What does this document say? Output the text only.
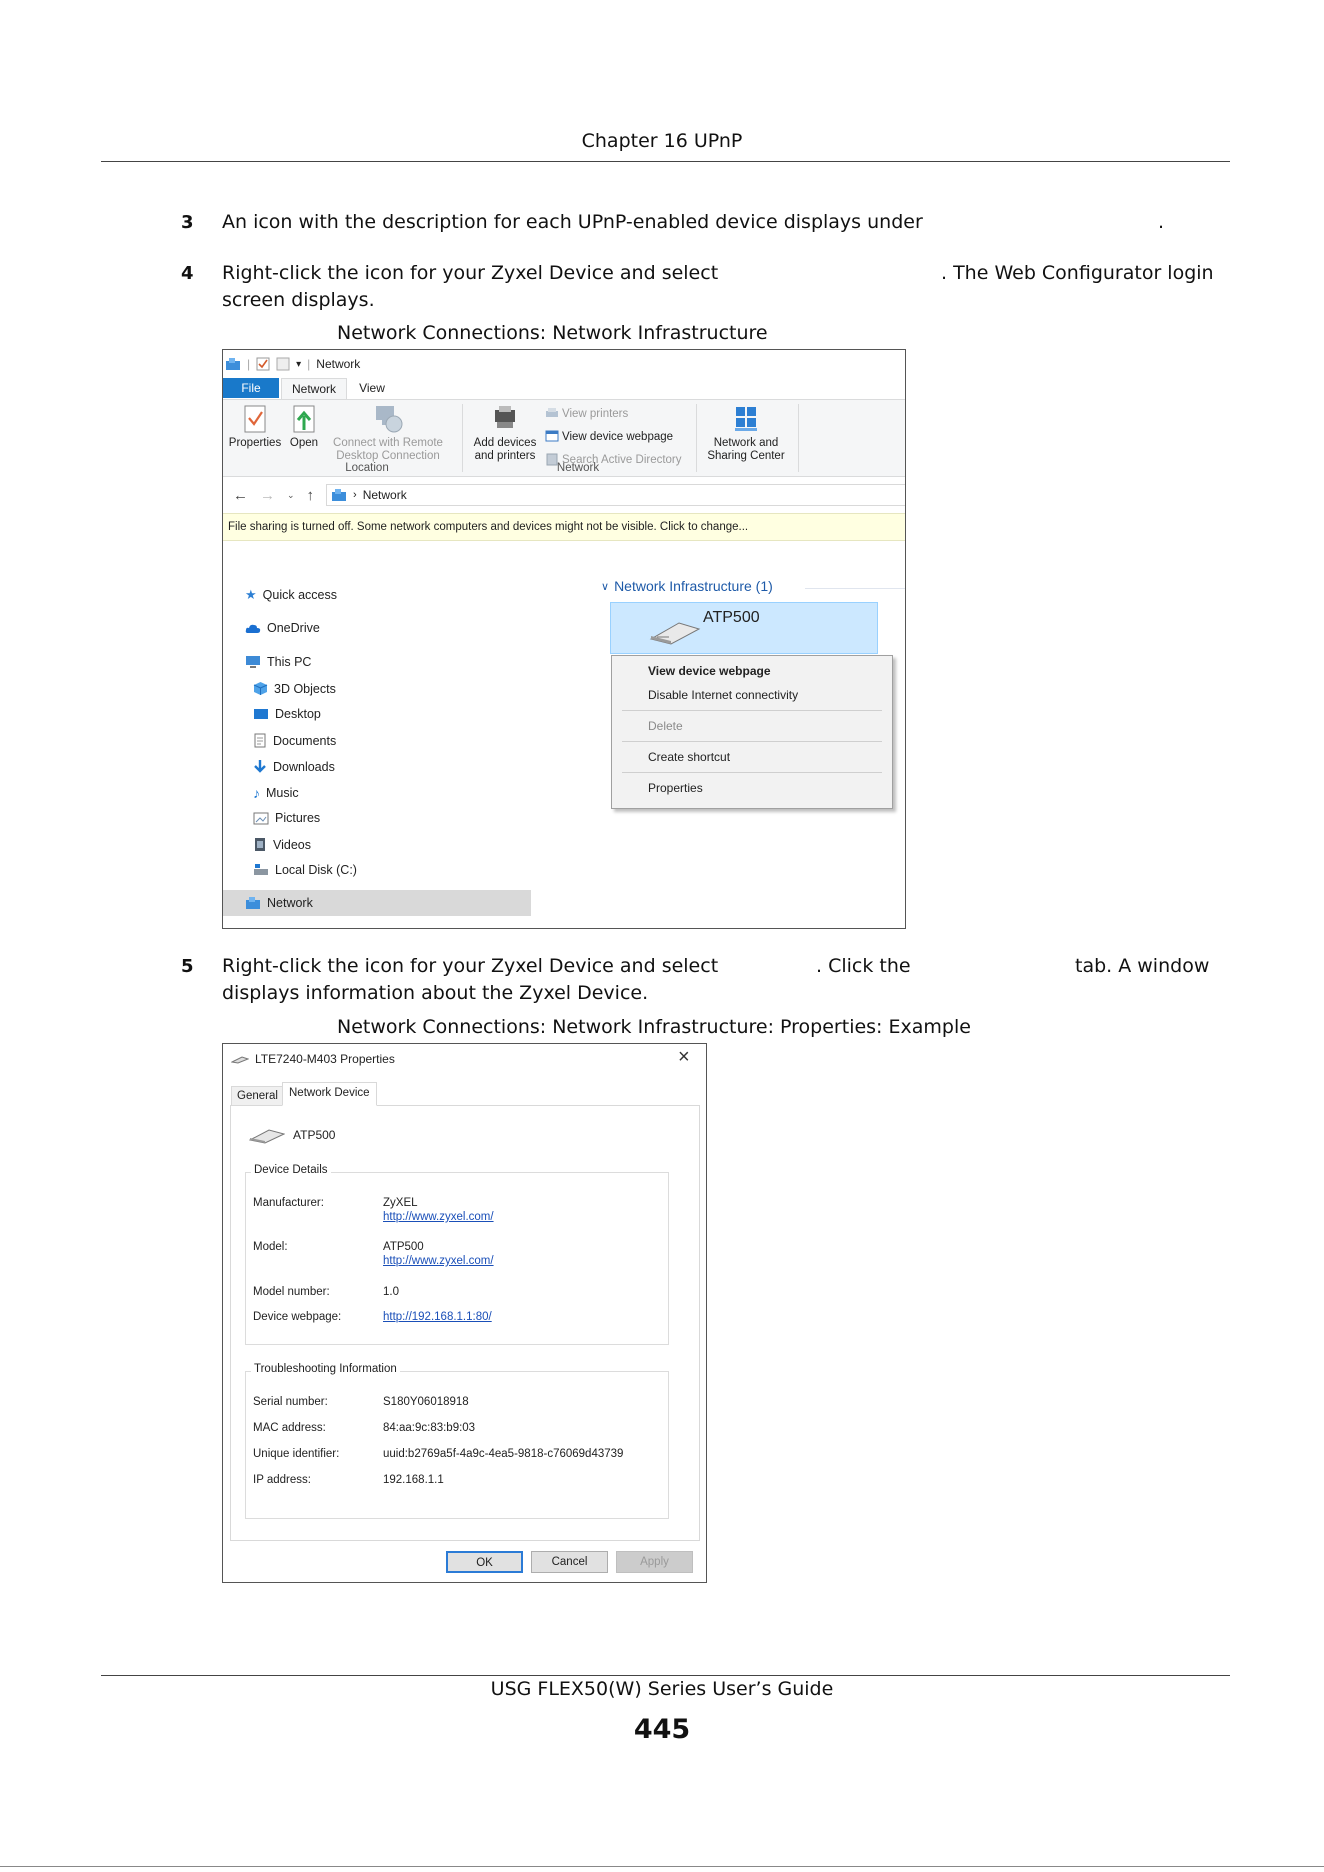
Chapter 16 UPnP
3 An icon with the description for each UPnP-enabled device displays under	.
4 Right-click the icon for your Zyxel Device and select	. The Web Configurator login
screen displays.
Network Connections: Network Infrastructure
|	▾ | Network
File	Network	View
Properties Open	Connect with Remote
Desktop Connection
Location
Add devices
and printers
View printers
View device webpage
Search Active Directory
Network
Network and
Sharing Center
← → ⌄ ↑	› Network
File sharing is turned off. Some network computers and devices might not be visible. Click to change...
★ Quick access
OneDrive
This PC
3D Objects
Desktop
Documents
Downloads
♪ Music
Pictures
Videos
Local Disk (C:)
Network
∨ Network Infrastructure (1)
ATP500
View device webpage
Disable Internet connectivity
Delete
Create shortcut
Properties
5 Right-click the icon for your Zyxel Device and select	. Click the	tab. A window
displays information about the Zyxel Device.
Network Connections: Network Infrastructure: Properties: Example
LTE7240-M403 Properties	×
General Network Device
ATP500
Device Details
Manufacturer:	ZyXEL
http://www.zyxel.com/
Model:	ATP500
http://www.zyxel.com/
Model number:	1.0
Device webpage:	http://192.168.1.1:80/
Troubleshooting Information
Serial number:	S180Y06018918
MAC address:	84:aa:9c:83:b9:03
Unique identifier:	uuid:b2769a5f-4a9c-4ea5-9818-c76069d43739
IP address:	192.168.1.1
OK	Cancel	Apply
USG FLEX50(W) Series User’s Guide
445
